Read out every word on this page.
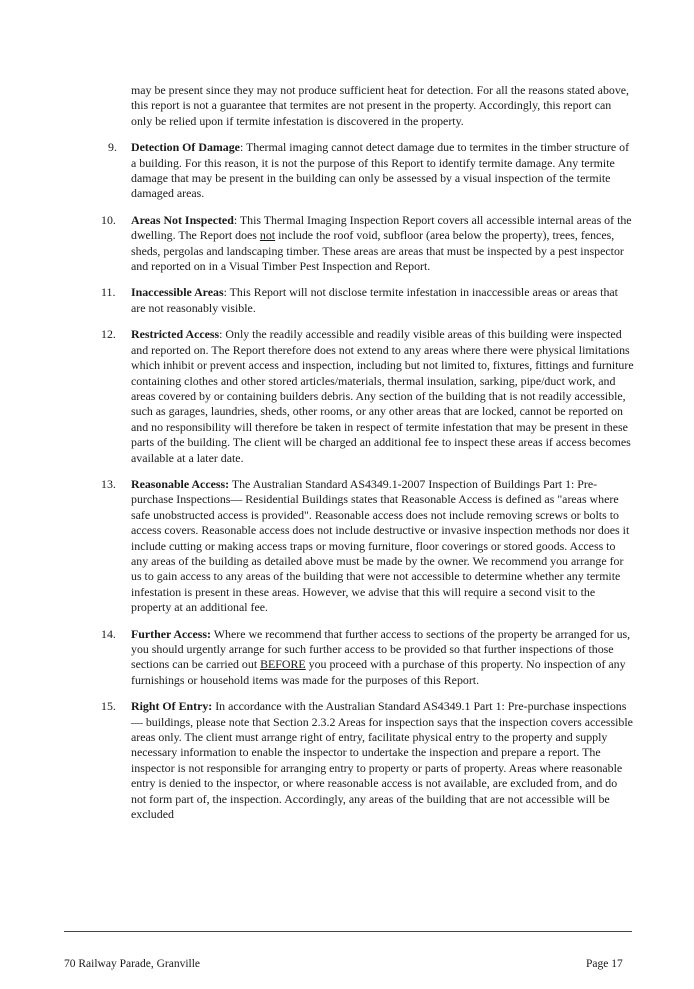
may be present since they may not produce sufficient heat for detection. For all the reasons stated above, this report is not a guarantee that termites are not present in the property. Accordingly, this report can only be relied upon if termite infestation is discovered in the property.

9. Detection Of Damage: Thermal imaging cannot detect damage due to termites in the timber structure of a building. For this reason, it is not the purpose of this Report to identify termite damage. Any termite damage that may be present in the building can only be assessed by a visual inspection of the termite damaged areas.
10. Areas Not Inspected: This Thermal Imaging Inspection Report covers all accessible internal areas of the dwelling. The Report does not include the roof void, subfloor (area below the property), trees, fences, sheds, pergolas and landscaping timber. These areas are areas that must be inspected by a pest inspector and reported on in a Visual Timber Pest Inspection and Report.
11. Inaccessible Areas: This Report will not disclose termite infestation in inaccessible areas or areas that are not reasonably visible.
12. Restricted Access: Only the readily accessible and readily visible areas of this building were inspected and reported on. The Report therefore does not extend to any areas where there were physical limitations which inhibit or prevent access and inspection, including but not limited to, fixtures, fittings and furniture containing clothes and other stored articles/materials, thermal insulation, sarking, pipe/duct work, and areas covered by or containing builders debris. Any section of the building that is not readily accessible, such as garages, laundries, sheds, other rooms, or any other areas that are locked, cannot be reported on and no responsibility will therefore be taken in respect of termite infestation that may be present in these parts of the building. The client will be charged an additional fee to inspect these areas if access becomes available at a later date.
13. Reasonable Access: The Australian Standard AS4349.1-2007 Inspection of Buildings Part 1: Pre-purchase Inspections— Residential Buildings states that Reasonable Access is defined as "areas where safe unobstructed access is provided". Reasonable access does not include removing screws or bolts to access covers. Reasonable access does not include destructive or invasive inspection methods nor does it include cutting or making access traps or moving furniture, floor coverings or stored goods. Access to any areas of the building as detailed above must be made by the owner. We recommend you arrange for us to gain access to any areas of the building that were not accessible to determine whether any termite infestation is present in these areas. However, we advise that this will require a second visit to the property at an additional fee.
14. Further Access: Where we recommend that further access to sections of the property be arranged for us, you should urgently arrange for such further access to be provided so that further inspections of those sections can be carried out BEFORE you proceed with a purchase of this property. No inspection of any furnishings or household items was made for the purposes of this Report.
15. Right Of Entry: In accordance with the Australian Standard AS4349.1 Part 1: Pre-purchase inspections — buildings, please note that Section 2.3.2 Areas for inspection says that the inspection covers accessible areas only. The client must arrange right of entry, facilitate physical entry to the property and supply necessary information to enable the inspector to undertake the inspection and prepare a report. The inspector is not responsible for arranging entry to property or parts of property. Areas where reasonable entry is denied to the inspector, or where reasonable access is not available, are excluded from, and do not form part of, the inspection. Accordingly, any areas of the building that are not accessible will be excluded
70 Railway Parade, Granville	Page 17
